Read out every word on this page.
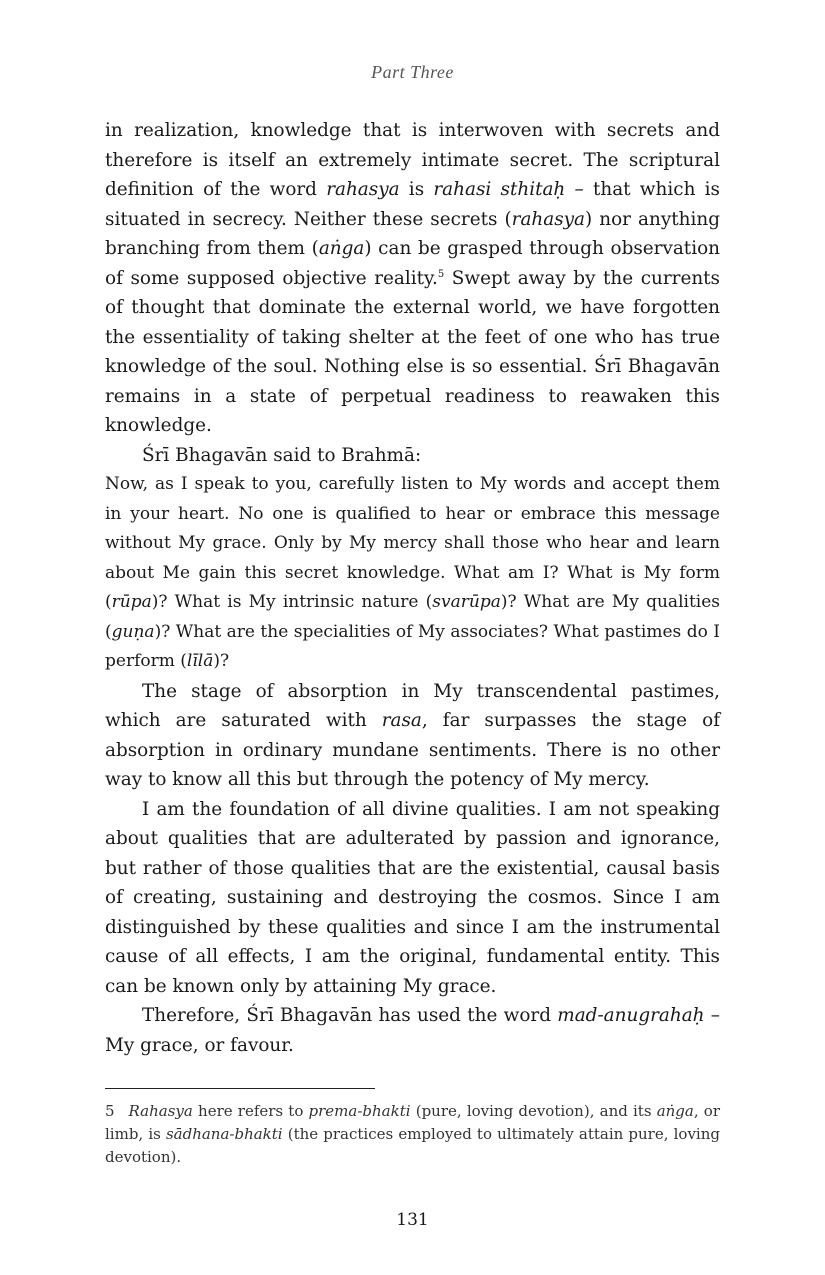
Part Three

in realization, knowledge that is interwoven with secrets and therefore is itself an extremely intimate secret. The scriptural definition of the word rahasya is rahasi sthitaḥ – that which is situated in secrecy. Neither these secrets (rahasya) nor anything branching from them (aṅga) can be grasped through observation of some supposed objective reality.$^5$ Swept away by the currents of thought that dominate the external world, we have forgotten the essentiality of taking shelter at the feet of one who has true knowledge of the soul. Nothing else is so essential. Śrī Bhagavān remains in a state of perpetual readiness to reawaken this knowledge.

Śrī Bhagavān said to Brahmā:

Now, as I speak to you, carefully listen to My words and accept them in your heart. No one is qualified to hear or embrace this message without My grace. Only by My mercy shall those who hear and learn about Me gain this secret knowledge. What am I? What is My form (rūpa)? What is My intrinsic nature (svarūpa)? What are My qualities (guṇa)? What are the specialities of My associates? What pastimes do I perform (līlā)?

The stage of absorption in My transcendental pastimes, which are saturated with rasa, far surpasses the stage of absorption in ordinary mundane sentiments. There is no other way to know all this but through the potency of My mercy.

I am the foundation of all divine qualities. I am not speaking about qualities that are adulterated by passion and ignorance, but rather of those qualities that are the existential, causal basis of creating, sustaining and destroying the cosmos. Since I am distinguished by these qualities and since I am the instrumental cause of all effects, I am the original, fundamental entity. This can be known only by attaining My grace.

Therefore, Śrī Bhagavān has used the word mad-anugrahaḥ – My grace, or favour.

5 Rahasya here refers to prema-bhakti (pure, loving devotion), and its aṅga, or limb, is sādhana-bhakti (the practices employed to ultimately attain pure, loving devotion).
131
